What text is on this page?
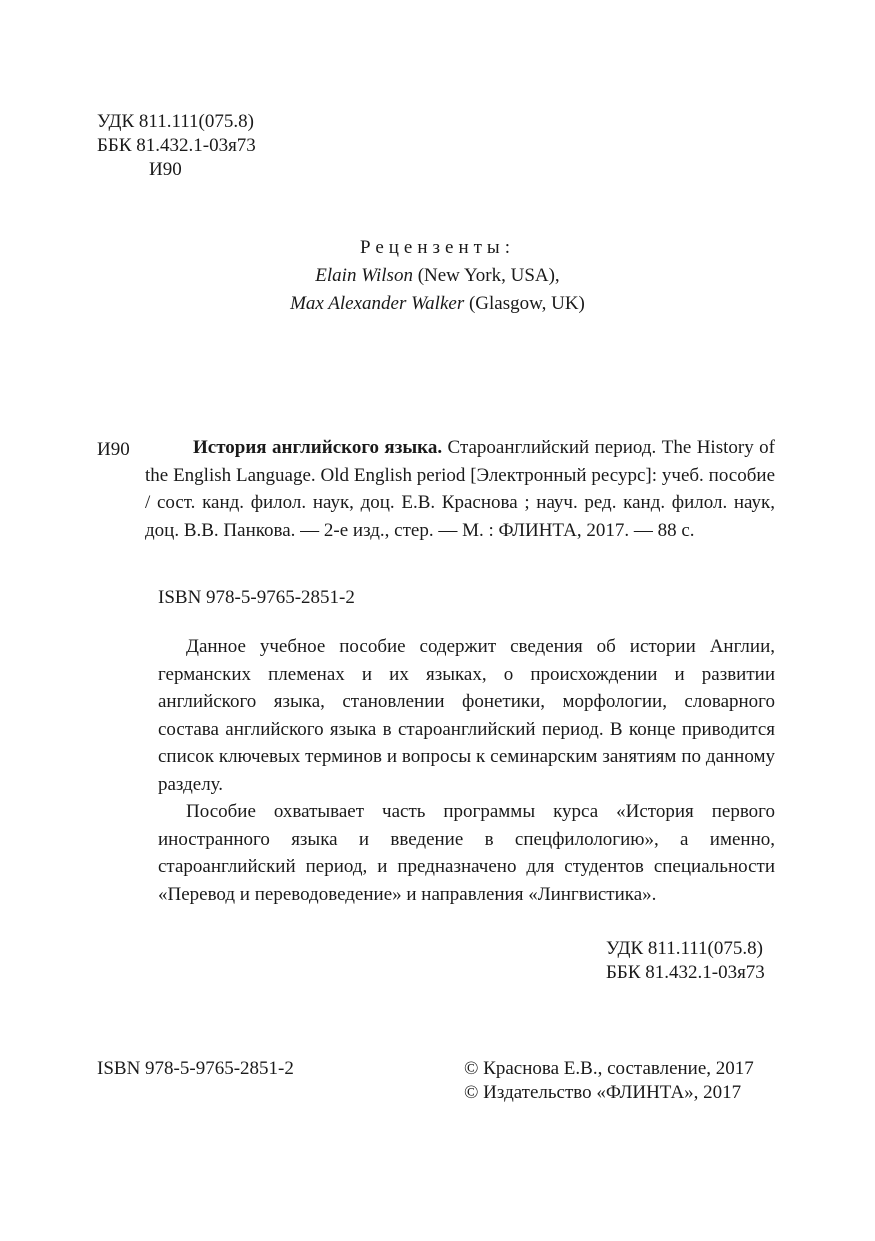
УДК 811.111(075.8)
ББК 81.432.1-03я73
И90
Рецензенты:
Elain Wilson (New York, USA),
Max Alexander Walker (Glasgow, UK)
И90	История английского языка. Староанглийский период. The History of the English Language. Old English period [Электронный ресурс]: учеб. пособие / сост. канд. филол. наук, доц. Е.В. Краснова ; науч. ред. канд. филол. наук, доц. В.В. Панкова. — 2-е изд., стер. — М. : ФЛИНТА, 2017. — 88 с.
ISBN 978-5-9765-2851-2

Данное учебное пособие содержит сведения об истории Англии, германских племенах и их языках, о происхождении и развитии английского языка, становлении фонетики, морфологии, словарного состава английского языка в староанглийский период. В конце приводится список ключевых терминов и вопросы к семинарским занятиям по данному разделу.

Пособие охватывает часть программы курса «История первого иностранного языка и введение в спецфилологию», а именно, староанглийский период, и предназначено для студентов специальности «Перевод и переводоведение» и направления «Лингвистика».

УДК 811.111(075.8)
ББК 81.432.1-03я73
ISBN 978-5-9765-2851-2	© Краснова Е.В., составление, 2017
© Издательство «ФЛИНТА», 2017
